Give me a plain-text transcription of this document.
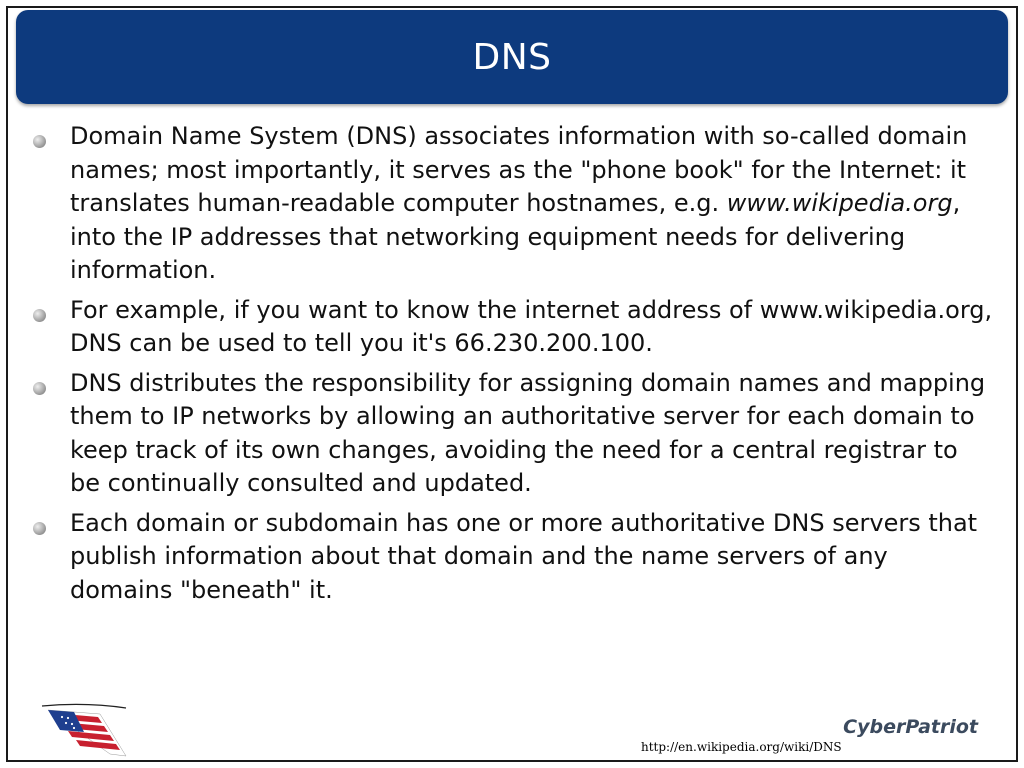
DNS
Domain Name System (DNS) associates information with so-called domain names; most importantly, it serves as the "phone book" for the Internet: it translates human-readable computer hostnames, e.g. www.wikipedia.org, into the IP addresses that networking equipment needs for delivering information.
For example, if you want to know the internet address of www.wikipedia.org, DNS can be used to tell you it's 66.230.200.100.
DNS distributes the responsibility for assigning domain names and mapping them to IP networks by allowing an authoritative server for each domain to keep track of its own changes, avoiding the need for a central registrar to be continually consulted and updated.
Each domain or subdomain has one or more authoritative DNS servers that publish information about that domain and the name servers of any domains "beneath" it.
CyberPatriot
http://en.wikipedia.org/wiki/DNS
